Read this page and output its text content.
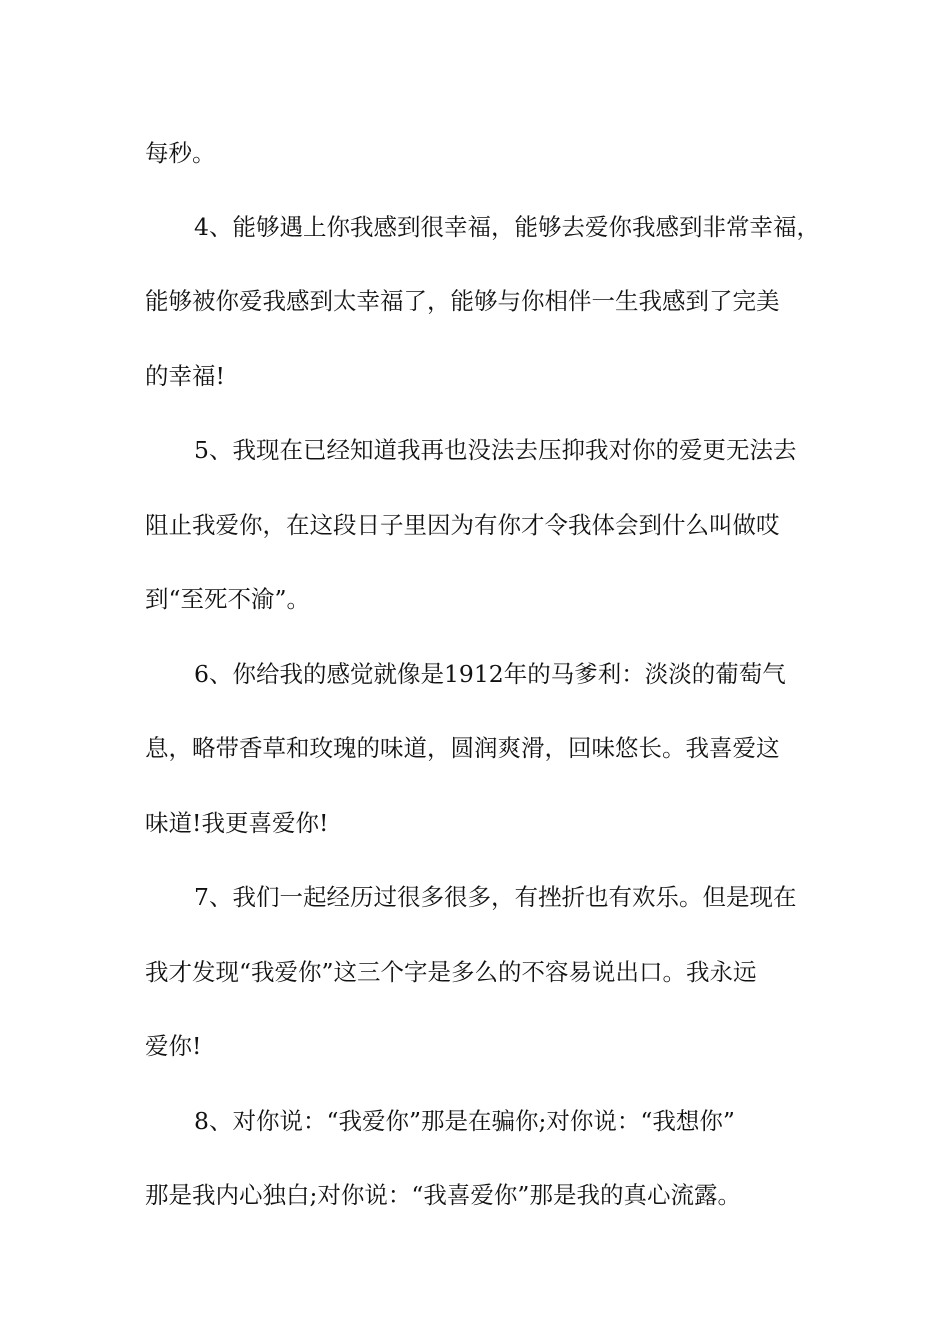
每秒。

4、能够遇上你我感到很幸福，能够去爱你我感到非常幸福，

能够被你爱我感到太幸福了，能够与你相伴一生我感到了完美

的幸福!

5、我现在已经知道我再也没法去压抑我对你的爱更无法去

阻止我爱你，在这段日子里因为有你才令我体会到什么叫做哎

到“至死不渝”。

6、你给我的感觉就像是1912年的马爹利：淡淡的葡萄气

息，略带香草和玫瑰的味道，圆润爽滑，回味悠长。我喜爱这

味道!我更喜爱你!

7、我们一起经历过很多很多，有挫折也有欢乐。但是现在

我才发现“我爱你”这三个字是多么的不容易说出口。我永远

爱你!

8、对你说：“我爱你”那是在骗你;对你说：“我想你”

那是我内心独白;对你说：“我喜爱你”那是我的真心流露。
